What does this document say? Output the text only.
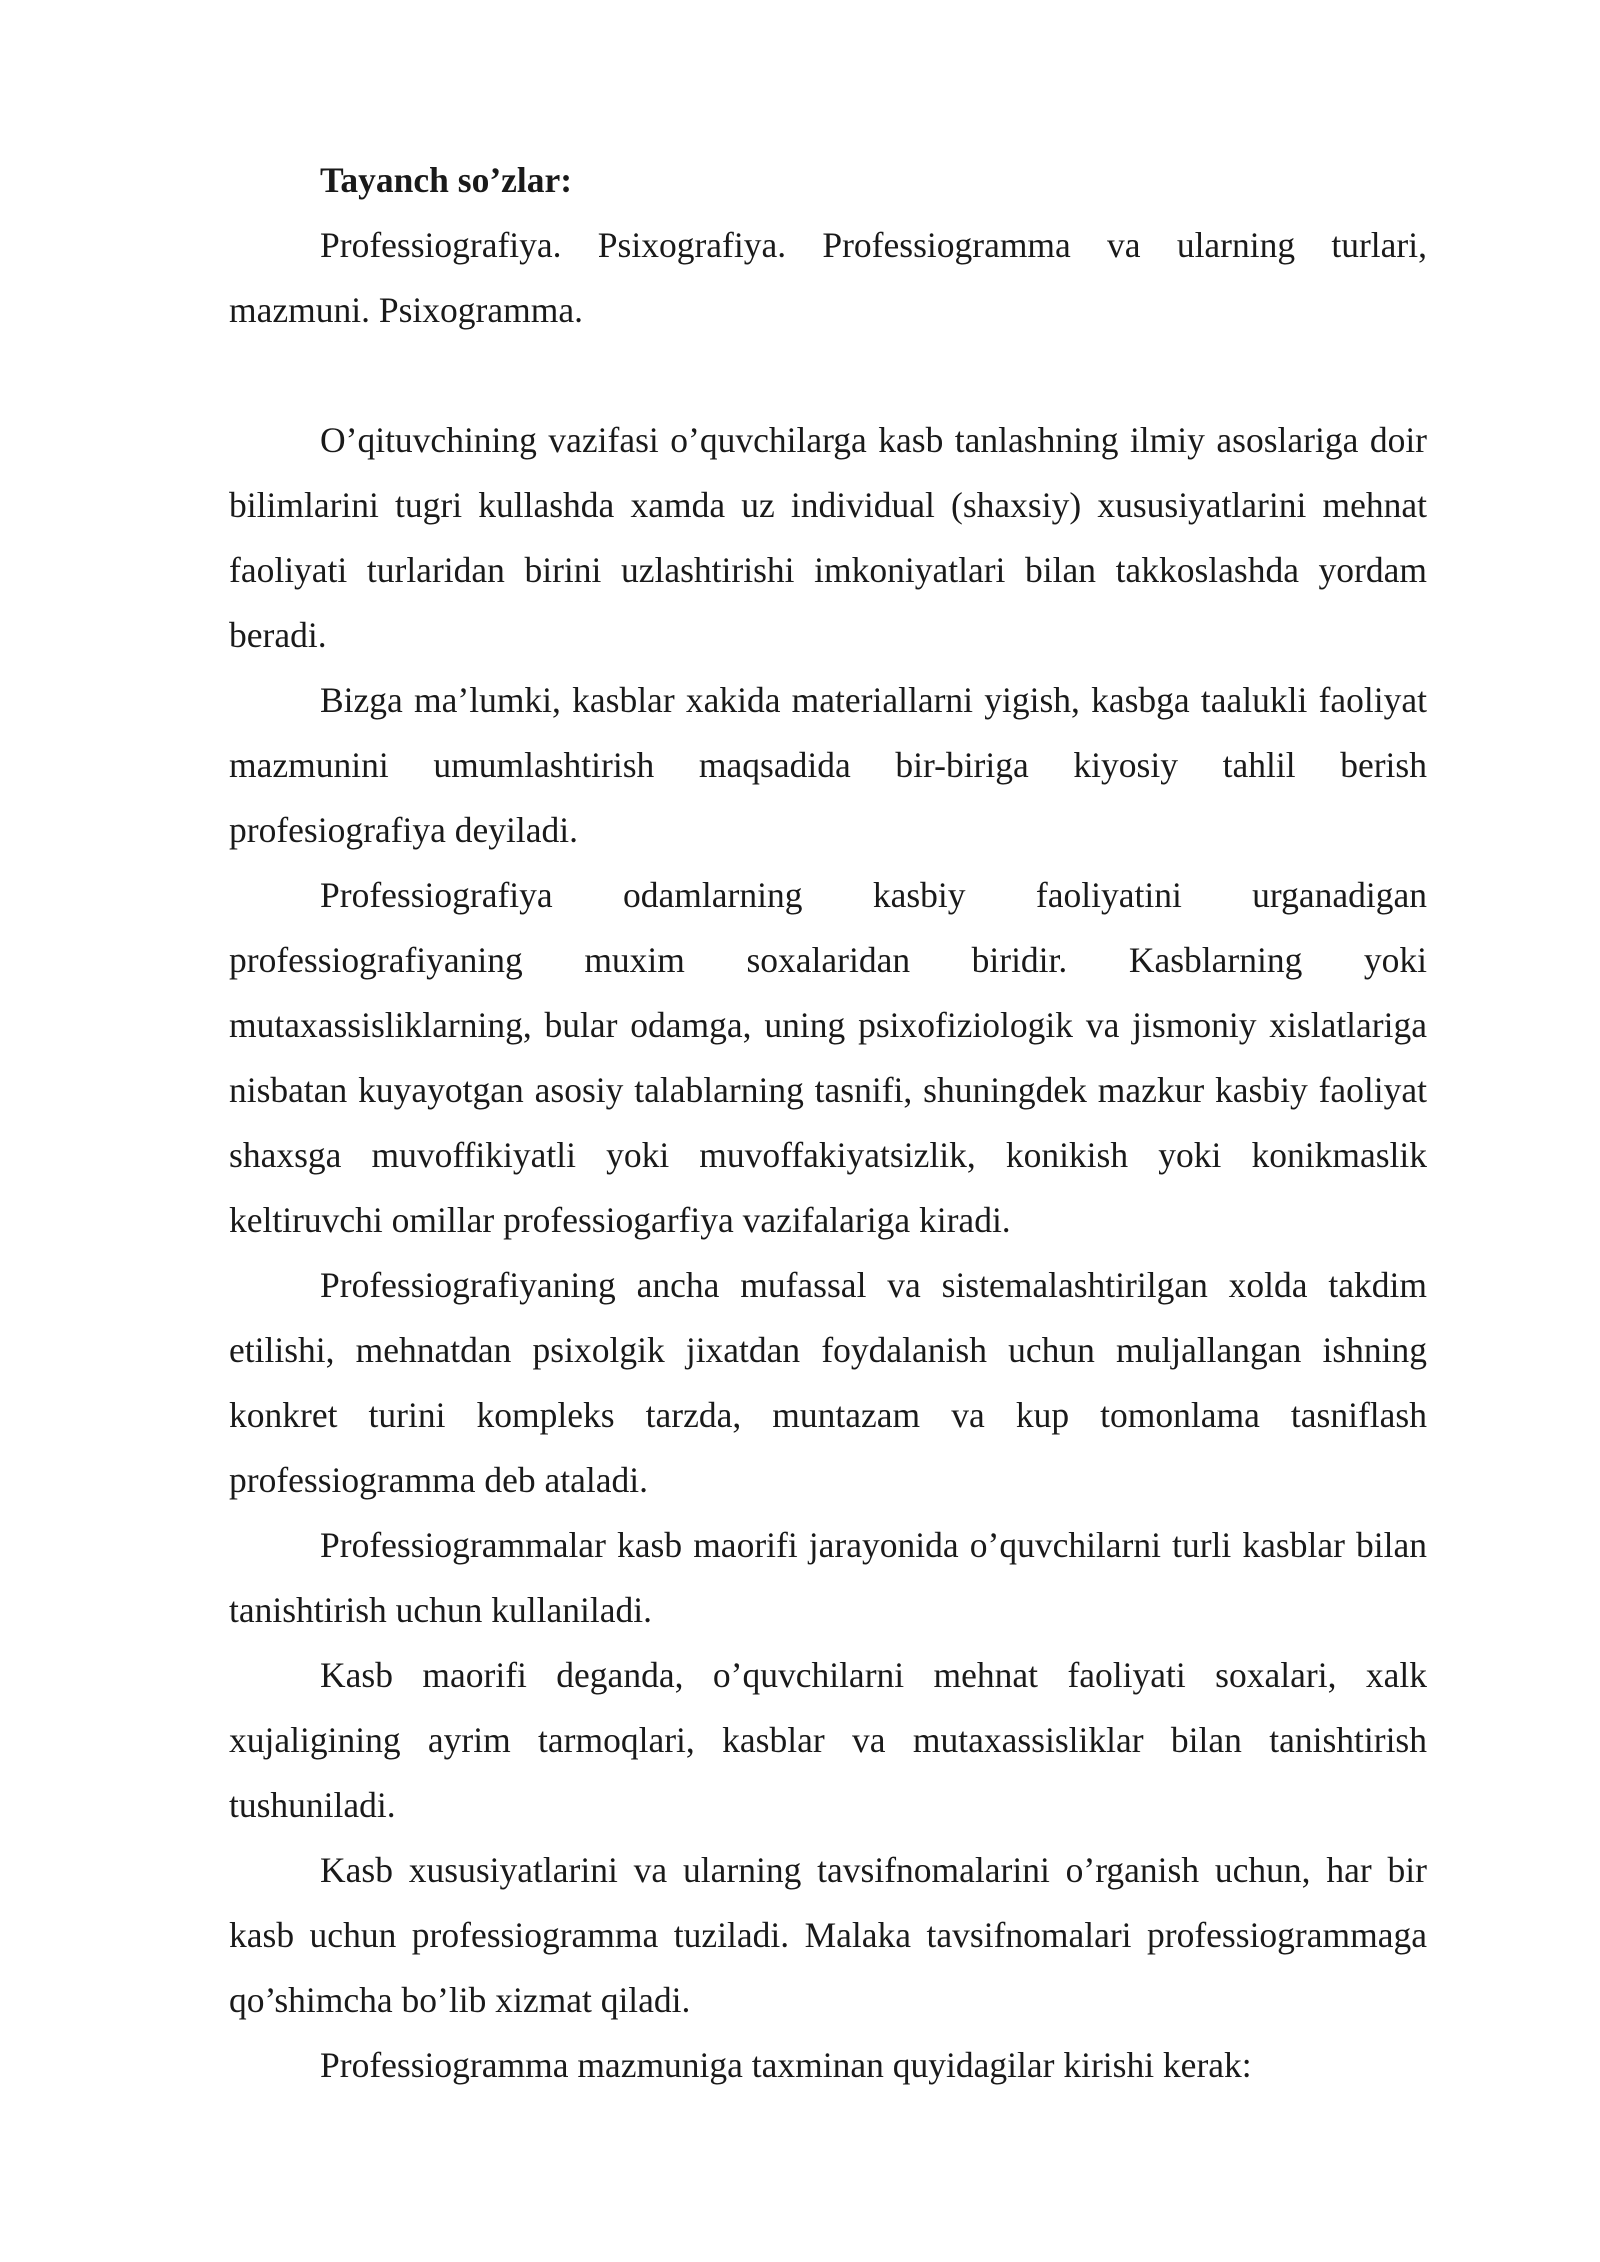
Tayanch so’zlar:

Professiografiya. Psixografiya. Professiogramma va ularning turlari, mazmuni. Psixogramma.

O’qituvchining vazifasi o’quvchilarga kasb tanlashning ilmiy asoslariga doir bilimlarini tugri kullashda xamda uz individual (shaxsiy) xususiyatlarini mehnat faoliyati turlaridan birini uzlashtirishi imkoniyatlari bilan takkoslashda yordam beradi.

Bizga ma’lumki, kasblar xakida materiallarni yigish, kasbga taalukli faoliyat mazmunini umumlashtirish maqsadida bir-biriga kiyosiy tahlil berish profesiografiya deyiladi.

Professiografiya odamlarning kasbiy faoliyatini urganadigan professiografiyaning muxim soxalaridan biridir. Kasblarning yoki mutaxassisliklarning, bular odamga, uning psixofiziologik va jismoniy xislatlariga nisbatan kuyayotgan asosiy talablarning tasnifi, shuningdek mazkur kasbiy faoliyat shaxsga muvoffikiyatli yoki muvoffakiyatsizlik, konikish yoki konikmaslik keltiruvchi omillar professiogarfiya vazifalariga kiradi.

Professiografiyaning ancha mufassal va sistemalashtirilgan xolda takdim etilishi, mehnatdan psixolgik jixatdan foydalanish uchun muljallangan ishning konkret turini kompleks tarzda, muntazam va kup tomonlama tasniflash professiogramma deb ataladi.

Professiogrammalar kasb maorifi jarayonida o’quvchilarni turli kasblar bilan tanishtirish uchun kullaniladi.

Kasb maorifi deganda, o’quvchilarni mehnat faoliyati soxalari, xalk xujaligining ayrim tarmoqlari, kasblar va mutaxassisliklar bilan tanishtirish tushuniladi.

Kasb xususiyatlarini va ularning tavsifnomalarini o’rganish uchun, har bir kasb uchun professiogramma tuziladi. Malaka tavsifnomalari professiogrammaga qo’shimcha bo’lib xizmat qiladi.

Professiogramma mazmuniga taxminan quyidagilar kirishi kerak:
